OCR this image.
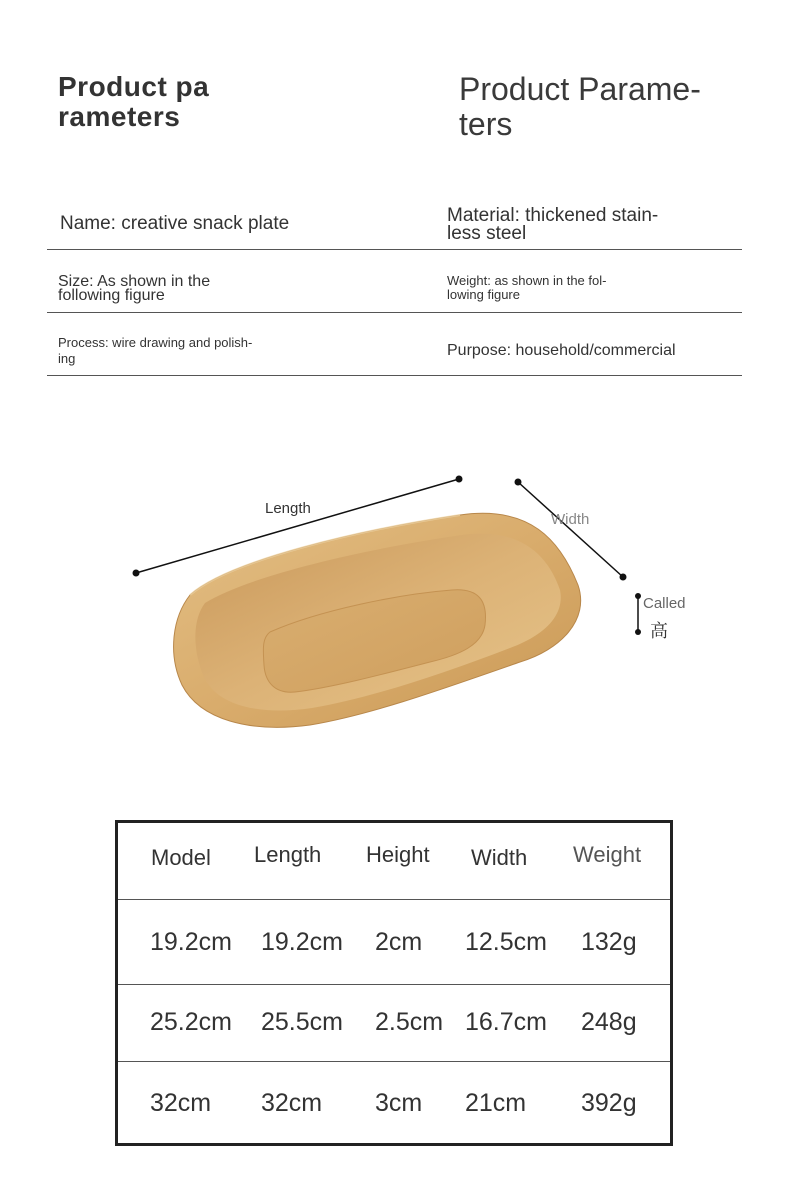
Product parameters
Product Parame-ters
Name: creative snack plate	Material: thickened stain-
less steel
Size: As shown in the
following figure
Weight: as shown in the fol-
lowing figure
Process: wire drawing and polish-
ing	Purpose: household/commercial
Length
Width
Called
高
Model Length Height Width Weight
19.2cm 19.2cm 2cm 12.5cm 132g
25.2cm 25.5cm 2.5cm 16.7cm 248g
32cm 32cm 3cm 21cm 392g
